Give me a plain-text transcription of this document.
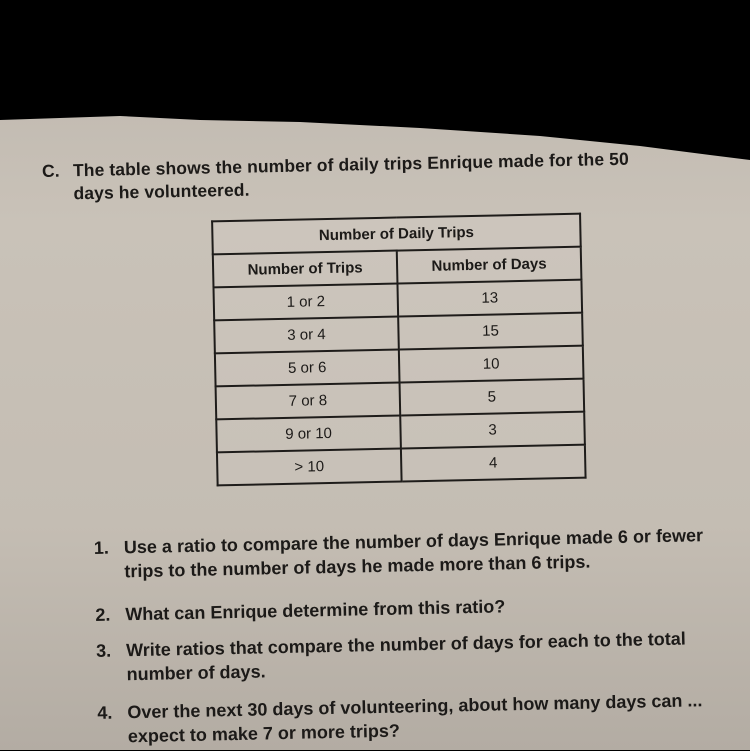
C. The table shows the number of daily trips Enrique made for the 50 days he volunteered.
Number of Daily Trips	
Number of Trips	Number of Days
1 or 2	13
3 or 4	15
5 or 6	10
7 or 8	5
9 or 10	3
> 10	4
1. Use a ratio to compare the number of days Enrique made 6 or fewer trips to the number of days he made more than 6 trips.
2. What can Enrique determine from this ratio?
3. Write ratios that compare the number of days for each to the total number of days.
4. Over the next 30 days of volunteering, about how many days can ... expect to make 7 or more trips?
